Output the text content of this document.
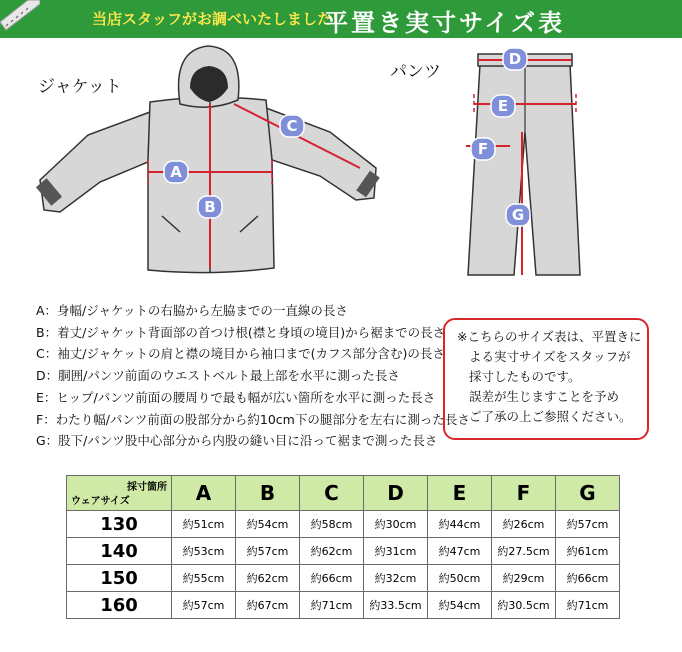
当店スタッフがお調べいたしました!
平置き実寸サイズ表
ジャケット
パンツ
A
B
C
D
E
F
G
A：身幅/ジャケットの右脇から左脇までの一直線の長さ
B：着丈/ジャケット背面部の首つけ根(襟と身頃の境目)から裾までの長さ
C：袖丈/ジャケットの肩と襟の境目から袖口まで(カフス部分含む)の長さ
D：胴囲/パンツ前面のウエストベルト最上部を水平に測った長さ
E：ヒップ/パンツ前面の腰周りで最も幅が広い箇所を水平に測った長さ
F：わたり幅/パンツ前面の股部分から約10cm下の腿部分を左右に測った長さ
G：股下/パンツ股中心部分から内股の縫い目に沿って裾まで測った長さ
※こちらのサイズ表は、平置きに
よる実寸サイズをスタッフが
採寸したものです。
誤差が生じますことを予め
ご了承の上ご参照ください。
採寸箇所
ウェアサイズ	A	B	C	D	E	F	G
130	約51cm	約54cm	約58cm	約30cm	約44cm	約26cm	約57cm
140	約53cm	約57cm	約62cm	約31cm	約47cm	約27.5cm	約61cm
150	約55cm	約62cm	約66cm	約32cm	約50cm	約29cm	約66cm
160	約57cm	約67cm	約71cm	約33.5cm	約54cm	約30.5cm	約71cm
